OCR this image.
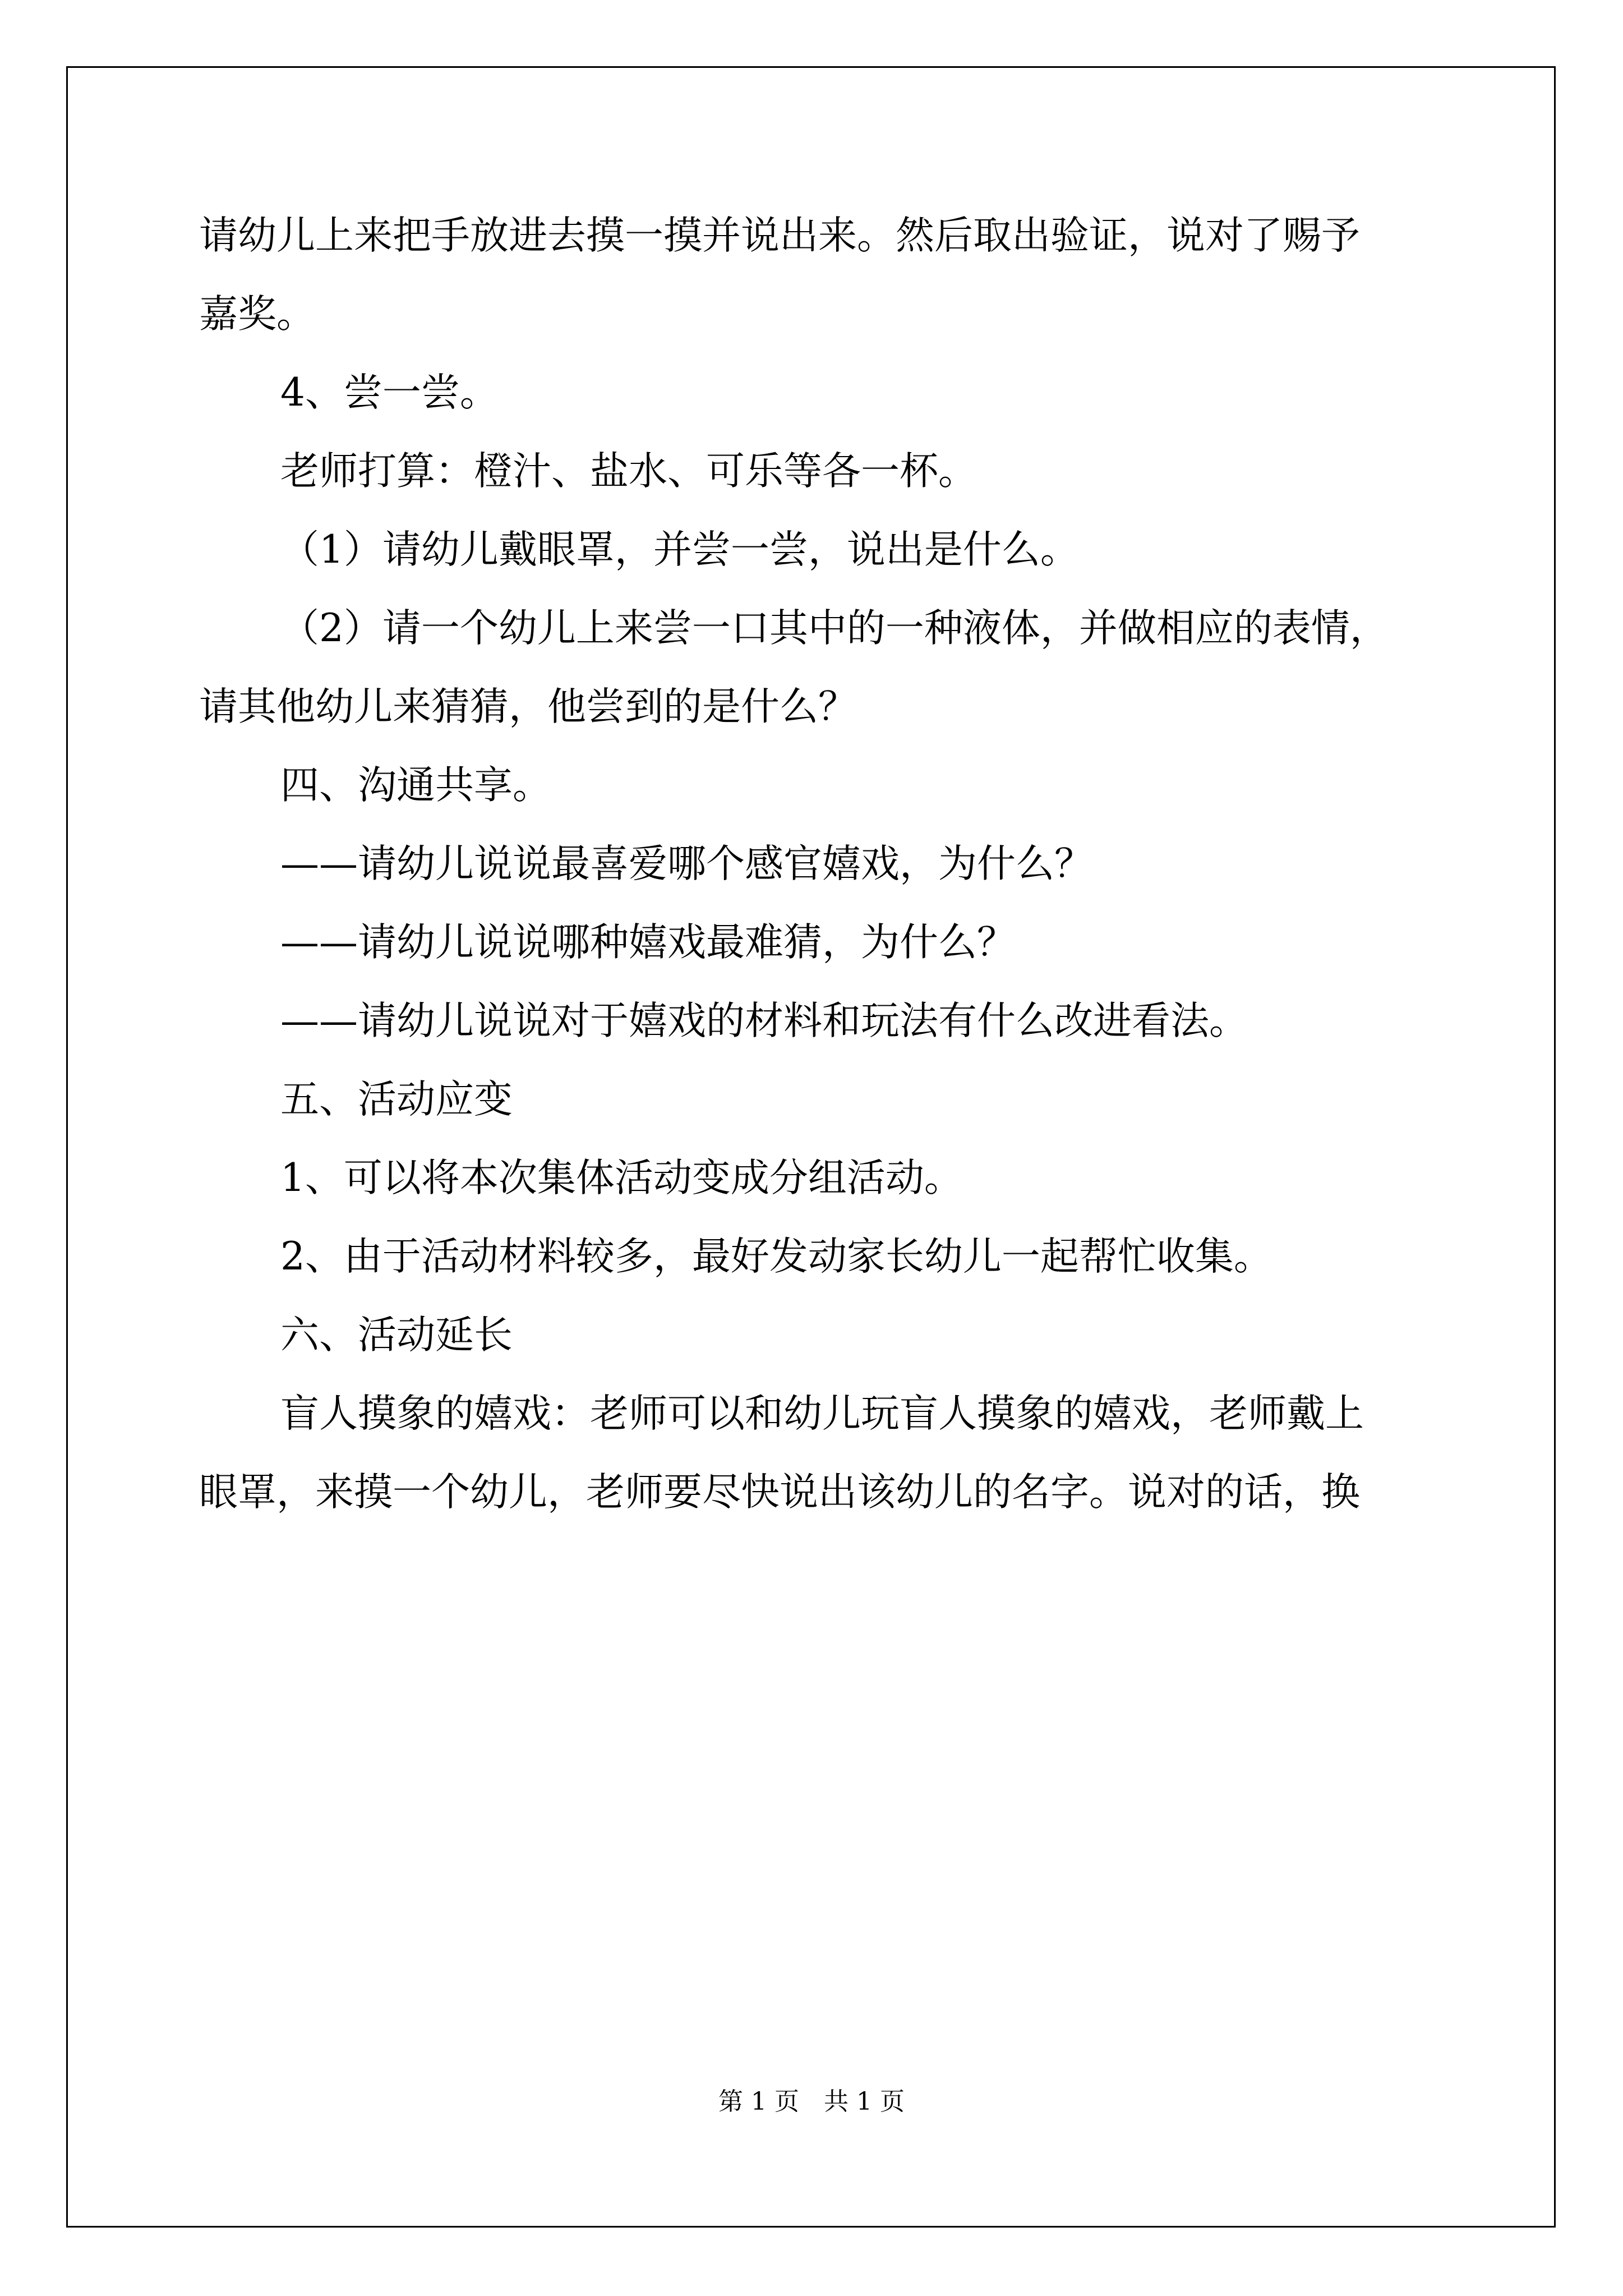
请幼儿上来把手放进去摸一摸并说出来。然后取出验证，说对了赐予
嘉奖。
4、尝一尝。
老师打算：橙汁、盐水、可乐等各一杯。
（1）请幼儿戴眼罩，并尝一尝，说出是什么。
（2）请一个幼儿上来尝一口其中的一种液体，并做相应的表情，
请其他幼儿来猜猜，他尝到的是什么？
四、沟通共享。
——请幼儿说说最喜爱哪个感官嬉戏，为什么？
——请幼儿说说哪种嬉戏最难猜，为什么？
——请幼儿说说对于嬉戏的材料和玩法有什么改进看法。
五、活动应变
1、可以将本次集体活动变成分组活动。
2、由于活动材料较多，最好发动家长幼儿一起帮忙收集。
六、活动延长
盲人摸象的嬉戏：老师可以和幼儿玩盲人摸象的嬉戏，老师戴上
眼罩，来摸一个幼儿，老师要尽快说出该幼儿的名字。说对的话，换
第 1 页　共 1 页
